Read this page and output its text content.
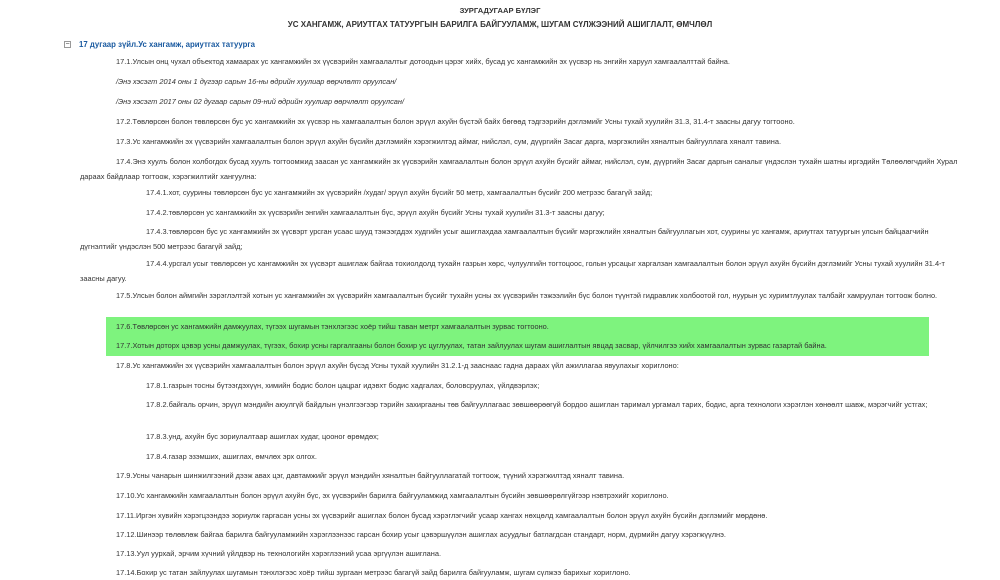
ЗУРГАДУГААР БҮЛЭГ
УС ХАНГАМЖ, АРИУТГАХ ТАТУУРГЫН БАРИЛГА БАЙГУУЛАМЖ, ШУГАМ СҮЛЖЭЭНИЙ АШИГЛАЛТ, ӨМЧЛӨЛ
− 17 дугаар зүйл.Ус хангамж, ариутгах татуурга
17.1.Улсын онц чухал объектод хамаарах ус хангамжийн эх үүсвэрийн хамгаалалтыг дотоодын цэрэг хийх, бусад ус хангамжийн эх үүсвэр нь энгийн харуул хамгаалалттай байна.
/Энэ хэсэгт 2014 оны 1 дүгээр сарын 16-ны өдрийн хуулиар өөрчлөлт оруулсан/
/Энэ хэсэгт 2017 оны 02 дугаар сарын 09-ний өдрийн хуулиар өөрчлөлт оруулсан/
17.2.Төвлөрсөн болон төвлөрсөн бус ус хангамжийн эх үүсвэр нь хамгаалалтын болон эрүүл ахуйн бүстэй байх бөгөөд тэдгээрийн дэглэмийг Усны тухай хуулийн 31.3, 31.4-т заасны дагуу тогтооно.
17.3.Ус хангамжийн эх үүсвэрийн хамгаалалтын болон эрүүл ахуйн бүсийн дэглэмийн хэрэгжилтэд аймаг, нийслэл, сум, дүүргийн Засаг дарга, мэргэжлийн хяналтын байгууллага хяналт тавина.
17.4.Энэ хуулъ болон холбогдох бусад хуулъ тогтоомжид заасан ус хангамжийн эх үүсвэрийн хамгаалалтын болон эрүүл ахуйн бүсийг аймаг, нийслэл, сум, дүүргийн Засаг даргын саналыг үндэслэн тухайн шатны иргэдийн Төлөөлөгчдийн Хурал дараах байдлаар тогтоож, хэрэгжилтийг хангуулна:
17.4.1.хот, суурины төвлөрсөн бус ус хангамжийн эх үүсвэрийн /худаг/ эрүүл ахуйн бүсийг 50 метр, хамгаалалтын бүсийг 200 метрээс багагүй зайд;
17.4.2.төвлөрсөн ус хангамжийн эх үүсвэрийн энгийн хамгаалалтын бүс, эрүүл ахуйн бүсийг Усны тухай хуулийн 31.3-т заасны дагуу;
17.4.3.төвлөрсөн бус ус хангамжийн эх үүсвэрт урсган усаас шууд тэжээгддэх худгийн усыг ашиглахдаа хамгаалалтын бүсийг мэргэжлийн хяналтын байгууллагын хот, суурины ус хангамж, ариутгах татуургын улсын байцаагчийн дүгнэлтийг үндэслэн 500 метрээс багагүй зайд;
17.4.4.урсгал усыг төвлөрсөн ус хангамжийн эх үүсвэрт ашиглаж байгаа тохиолдолд тухайн газрын хөрс, чулуулгийн тогтоцоос, голын урсацыг харгалзан хамгаалалтын болон эрүүл ахуйн бүсийн дэглэмийг Усны тухай хуулийн 31.4-т заасны дагуу.
17.5.Улсын болон аймгийн зэрэглэлтэй хотын ус хангамжийн эх үүсвэрийн хамгаалалтын бүсийг тухайн усны эх үүсвэрийн тэжээлийн бүс болон түүнтэй гидравлик холбоотой гол, нуурын ус хуримтлуулах талбайг хамруулан тогтоож болно.
17.6.Төвлөрсөн ус хангамжийн дамжуулах, түгээх шугамын тэнхлэгээс хоёр тийш таван метрт хамгаалалтын зурвас тогтооно.
17.7.Хотын доторх цэвэр усны дамжуулах, түгээх, бохир усны гаргалгааны болон бохир ус цуглуулах, татан зайлуулах шугам ашиглалтын явцад засвар, үйлчилгээ хийх хамгаалалтын зурвас газартай байна.
17.8.Ус хангамжийн эх үүсвэрийн хамгаалалтын болон эрүүл ахуйн бүсэд Усны тухай хуулийн 31.2.1-д зааснаас гадна дараах үйл ажиллагаа явуулахыг хориглоно:
17.8.1.газрын тосны бүтээгдэхүүн, химийн бодис болон цацраг идэвхт бодис хадгалах, боловсруулах, үйлдвэрлэх;
17.8.2.байгаль орчин, эрүүл мэндийн аюулгүй байдлын үнэлгээгээр тэрийн захиргааны төв байгууллагаас зөвшөөрөөгүй бордоо ашиглан таримал ургамал тарих, бодис, арга технологи хэрэглэн хөнөөлт шавж, мэрэгчийг устгах;
17.8.3.унд, ахуйн бус зориулалтаар ашиглах худаг, цооног өрөмдөх;
17.8.4.газар эзэмших, ашиглах, өмчлөх эрх олгох.
17.9.Усны чанарын шинжилгээний дээж авах цэг, давтамжийг эрүүл мэндийн хяналтын байгууллагатай тогтоож, түүний хэрэгжилтэд хяналт тавина.
17.10.Ус хангамжийн хамгаалалтын болон эрүүл ахуйн бүс, эх үүсвэрийн барилга байгууламжид хамгаалалтын бүсийн зөвшөөрөлгүйгээр нэвтрэхийг хориглоно.
17.11.Иргэн хувийн хэрэгцээндээ зориулж гаргасан усны эх үүсвэрийг ашиглах болон бусад хэрэглэгчийг усаар хангах нөхцөлд хамгаалалтын болон эрүүл ахуйн бүсийн дэглэмийг мөрдөнө.
17.12.Шинээр төлөвлөж байгаа барилга байгууламжийн хэрэглээнээс гарсан бохир усыг цэвэршүүлэн ашиглах асуудлыг батлагдсан стандарт, норм, дүрмийн дагуу хэрэгжүүлнэ.
17.13.Уул уурхай, эрчим хүчний үйлдвэр нь технологийн хэрэглээний усаа эргүүлэн ашиглана.
17.14.Бохир ус татан зайлуулах шугамын тэнхлэгээс хоёр тийш зургаан метрээс багагүй зайд барилга байгууламж, шугам сүлжээ барихыг хориглоно.
